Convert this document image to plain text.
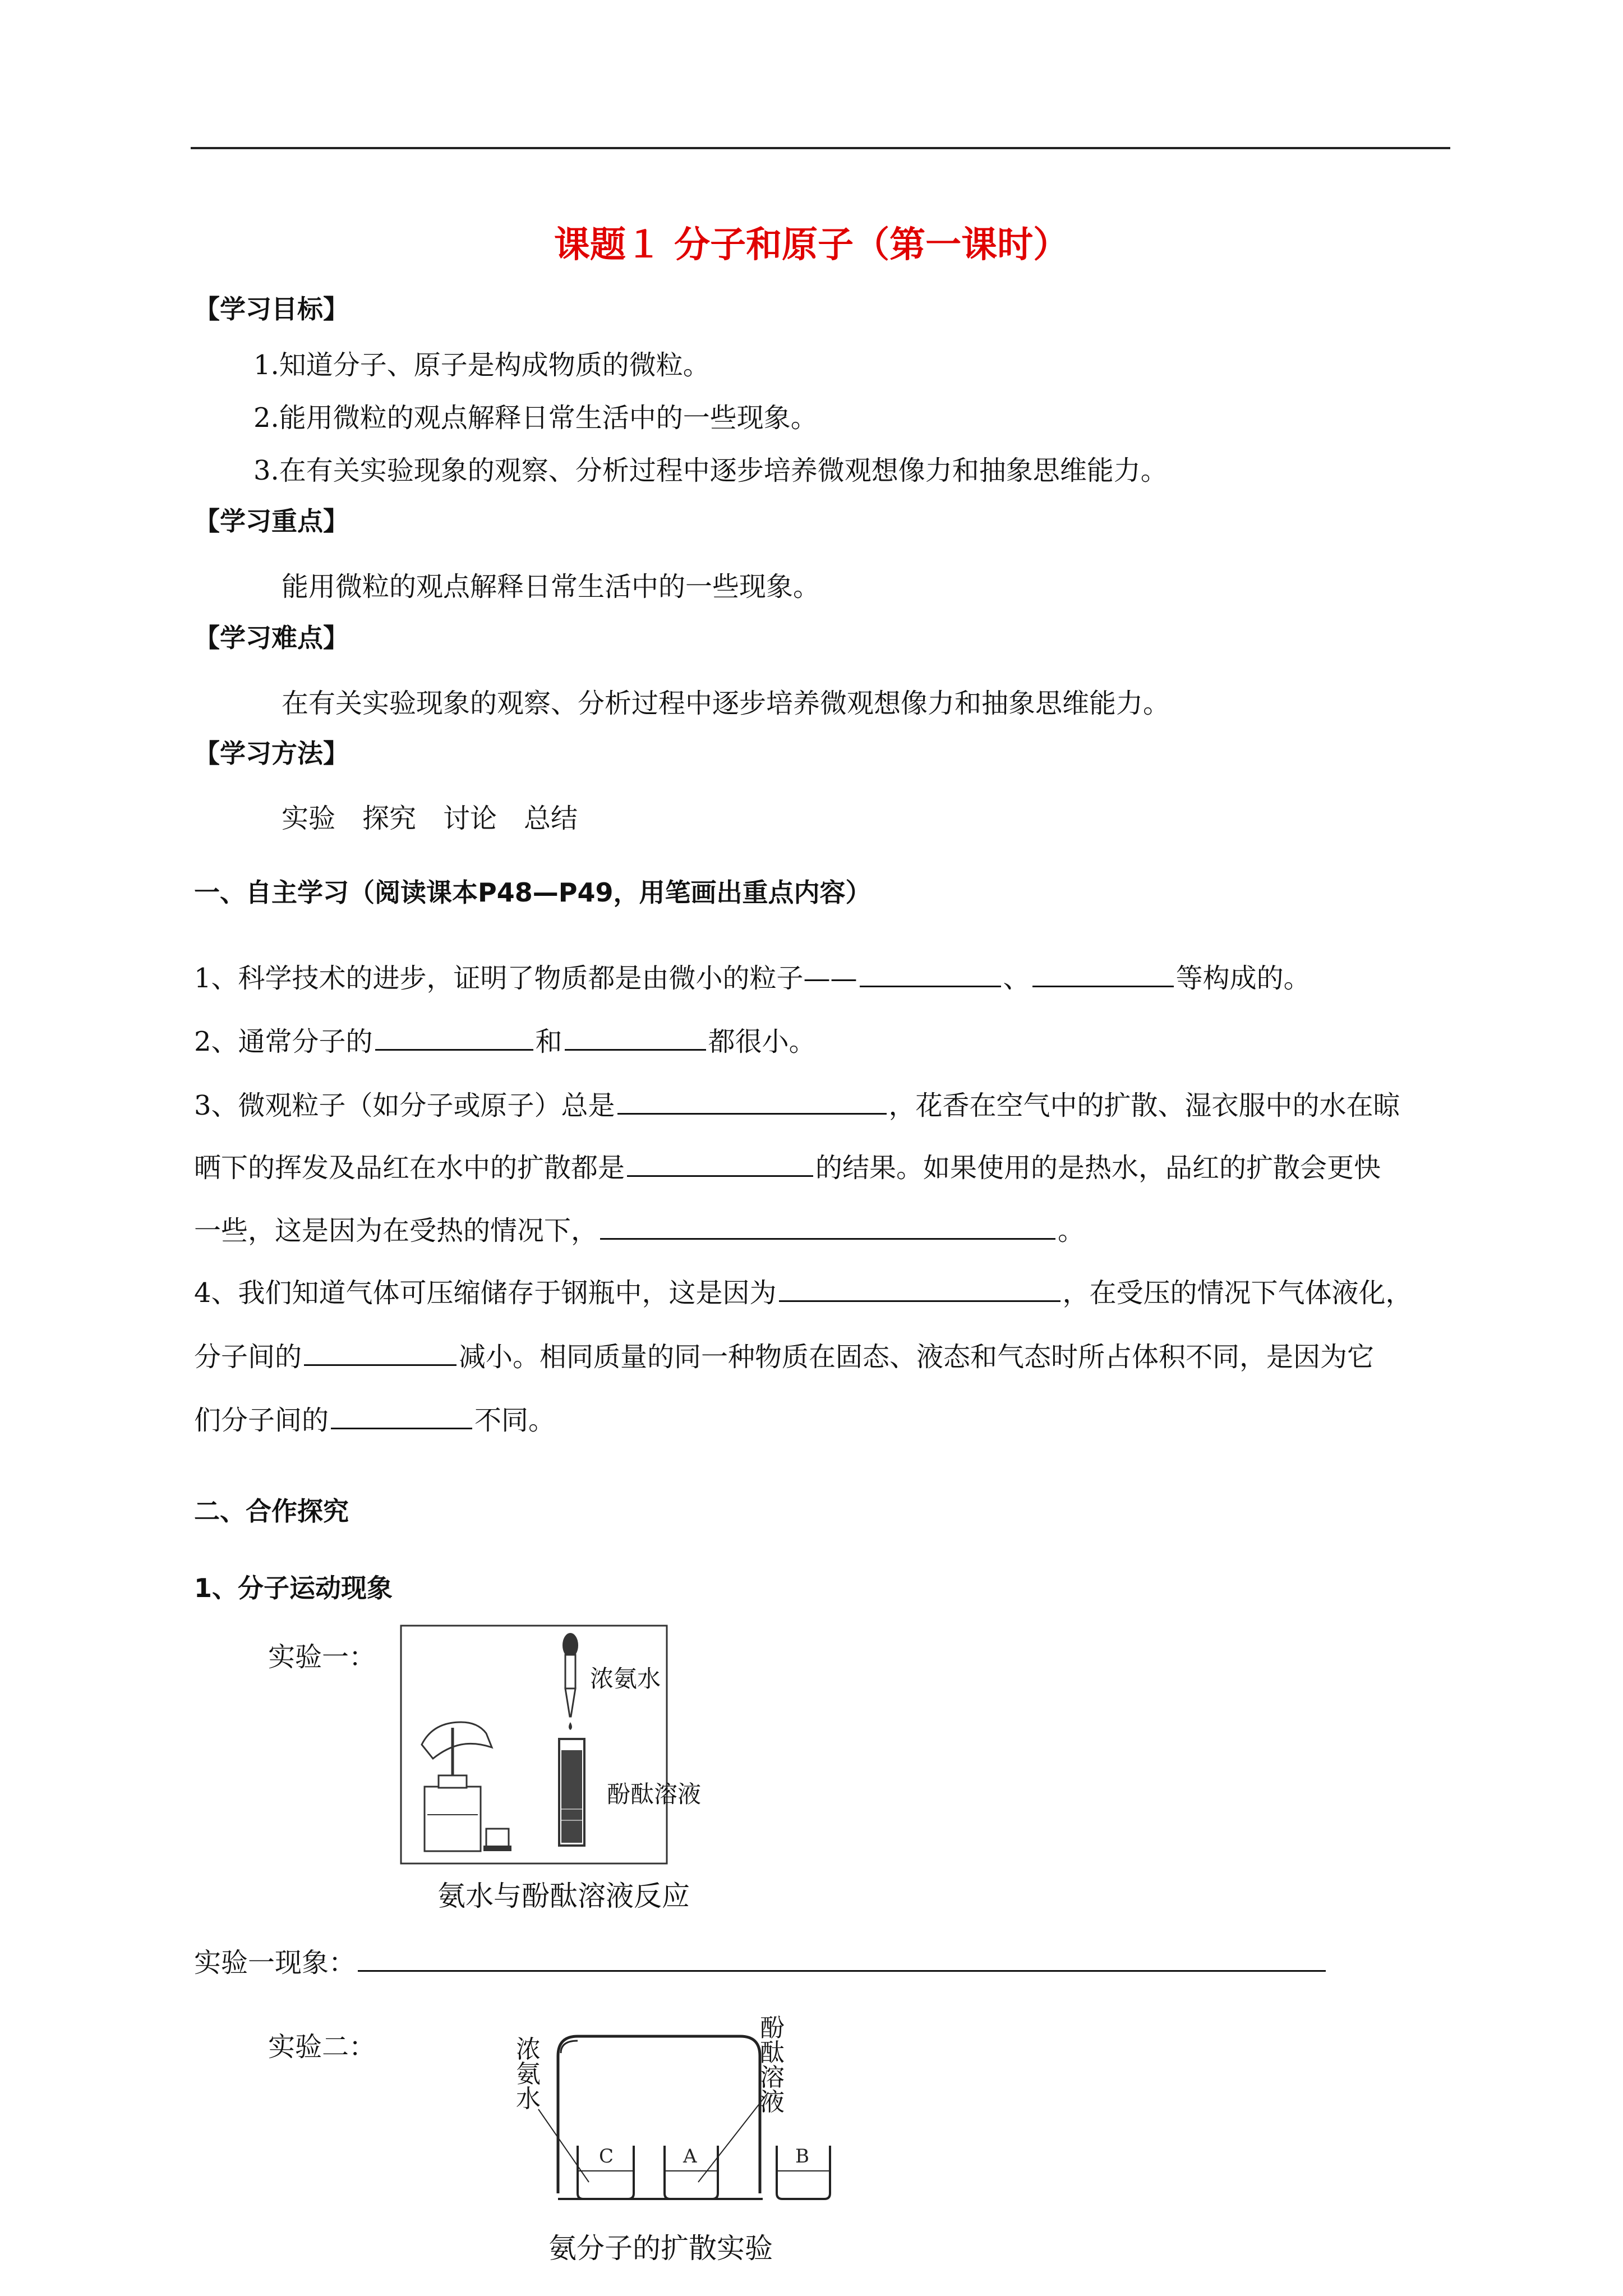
课题１ 分子和原子（第一课时）
【学习目标】
1.知道分子、原子是构成物质的微粒。
2.能用微粒的观点解释日常生活中的一些现象。
3.在有关实验现象的观察、分析过程中逐步培养微观想像力和抽象思维能力。
【学习重点】
能用微粒的观点解释日常生活中的一些现象。
【学习难点】
在有关实验现象的观察、分析过程中逐步培养微观想像力和抽象思维能力。
【学习方法】
实验　探究　讨论　总结
一、自主学习（阅读课本P48—P49，用笔画出重点内容）
1、科学技术的进步，证明了物质都是由微小的粒子——	、	等构成的。
2、通常分子的	和	都很小。
3、微观粒子（如分子或原子）总是	，花香在空气中的扩散、湿衣服中的水在晾
晒下的挥发及品红在水中的扩散都是	的结果。如果使用的是热水，品红的扩散会更快
一些，这是因为在受热的情况下，	。
4、我们知道气体可压缩储存于钢瓶中，这是因为	，在受压的情况下气体液化，
分子间的	减小。相同质量的同一种物质在固态、液态和气态时所占体积不同，是因为它
们分子间的	不同。
二、合作探究
1、分子运动现象
实验一：
浓氨水
酚酞溶液
氨水与酚酞溶液反应
实验一现象：
实验二：
C	A	B
浓
氨
水
酚
酞
溶
液
氨分子的扩散实验
